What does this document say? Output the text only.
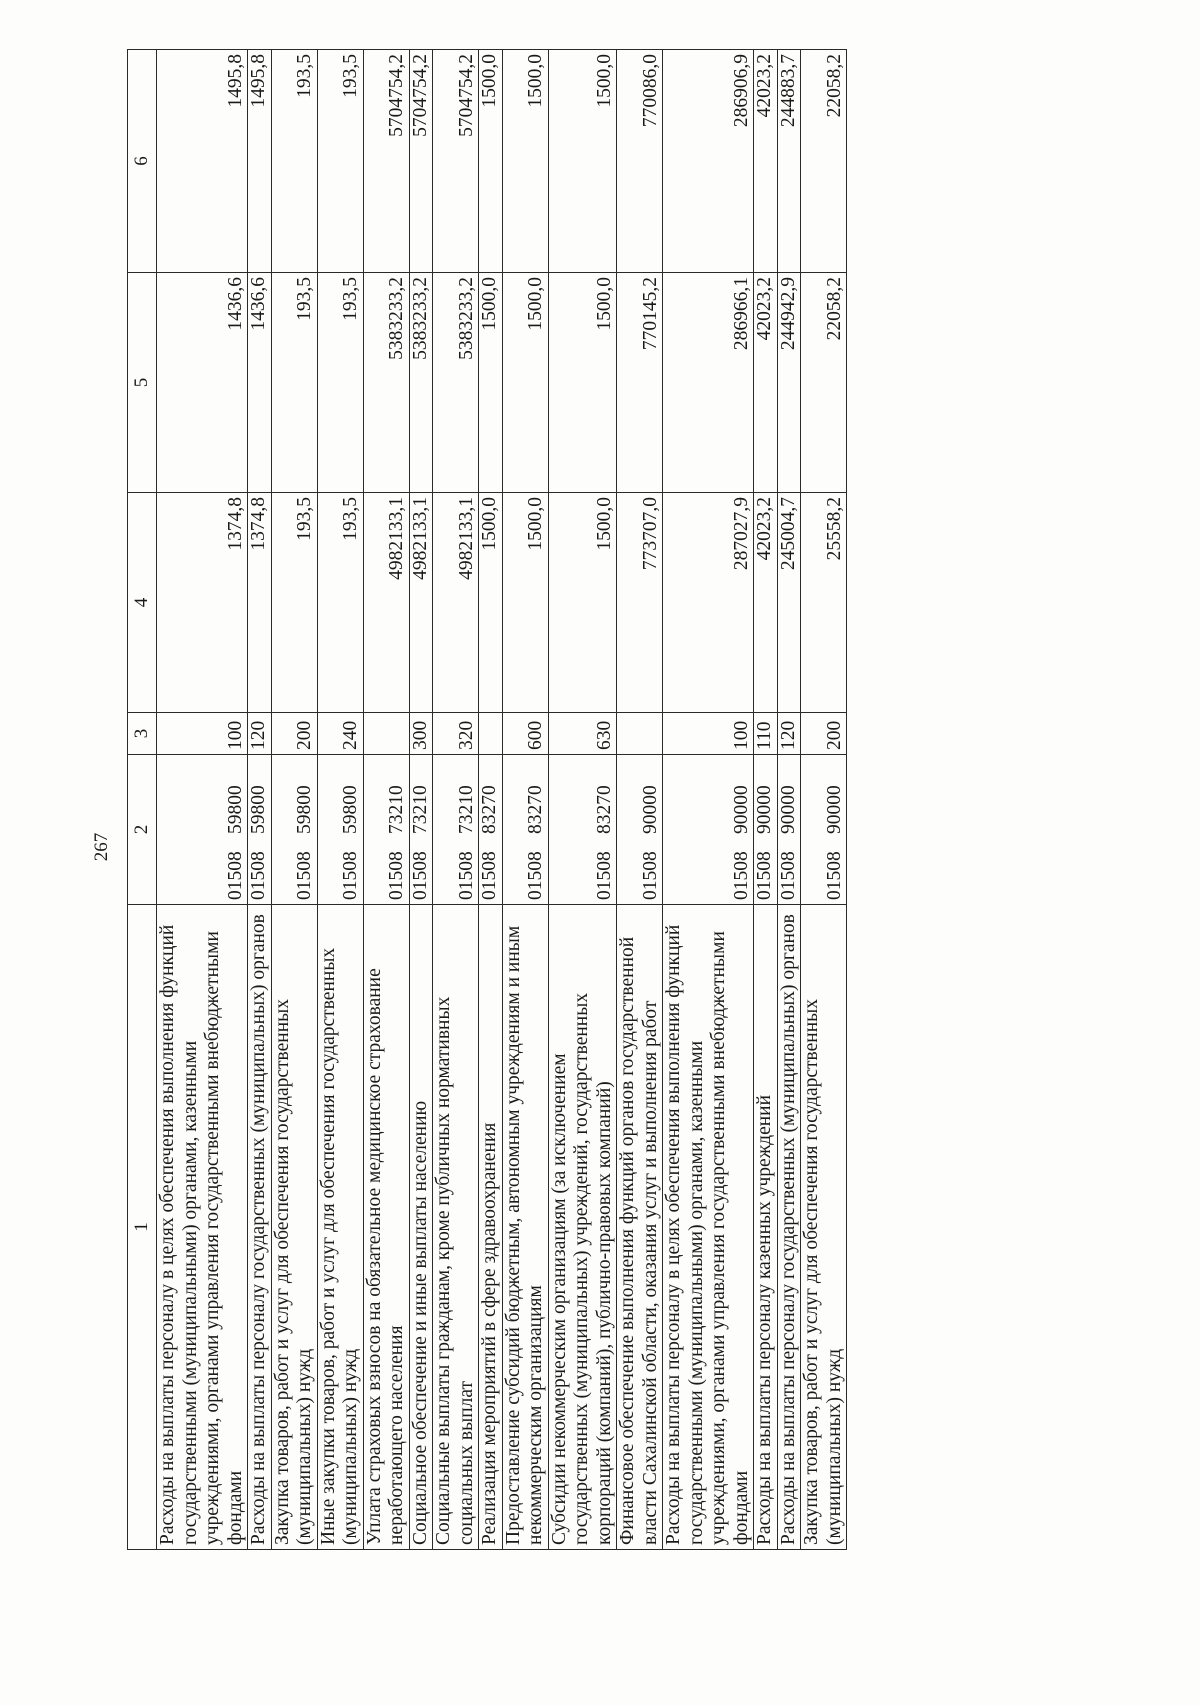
267
1	2	3	4	5	6
Расходы на выплаты персоналу в целях обеспечения выполнения функций государственными (муниципальными) органами, казенными учреждениями, органами управления государственными внебюджетными фондами	0150859800	100	1374,8	1436,6	1495,8
Расходы на выплаты персоналу государственных (муниципальных) органов	0150859800	120	1374,8	1436,6	1495,8
Закупка товаров, работ и услуг для обеспечения государственных (муниципальных) нужд	0150859800	200	193,5	193,5	193,5
Иные закупки товаров, работ и услуг для обеспечения государственных (муниципальных) нужд	0150859800	240	193,5	193,5	193,5
Уплата страховых взносов на обязательное медицинское страхование неработающего населения	0150873210		4982133,1	5383233,2	5704754,2
Социальное обеспечение и иные выплаты населению	0150873210	300	4982133,1	5383233,2	5704754,2
Социальные выплаты гражданам, кроме публичных нормативных социальных выплат	0150873210	320	4982133,1	5383233,2	5704754,2
Реализация мероприятий в сфере здравоохранения	0150883270		1500,0	1500,0	1500,0
Предоставление субсидий бюджетным, автономным учреждениям и иным некоммерческим организациям	0150883270	600	1500,0	1500,0	1500,0
Субсидии некоммерческим организациям (за исключением государственных (муниципальных) учреждений, государственных корпораций (компаний), публично-правовых компаний)	0150883270	630	1500,0	1500,0	1500,0
Финансовое обеспечение выполнения функций органов государственной власти Сахалинской области, оказания услуг и выполнения работ	0150890000		773707,0	770145,2	770086,0
Расходы на выплаты персоналу в целях обеспечения выполнения функций государственными (муниципальными) органами, казенными учреждениями, органами управления государственными внебюджетными фондами	0150890000	100	287027,9	286966,1	286906,9
Расходы на выплаты персоналу казенных учреждений	0150890000	110	42023,2	42023,2	42023,2
Расходы на выплаты персоналу государственных (муниципальных) органов	0150890000	120	245004,7	244942,9	244883,7
Закупка товаров, работ и услуг для обеспечения государственных (муниципальных) нужд	0150890000	200	25558,2	22058,2	22058,2
